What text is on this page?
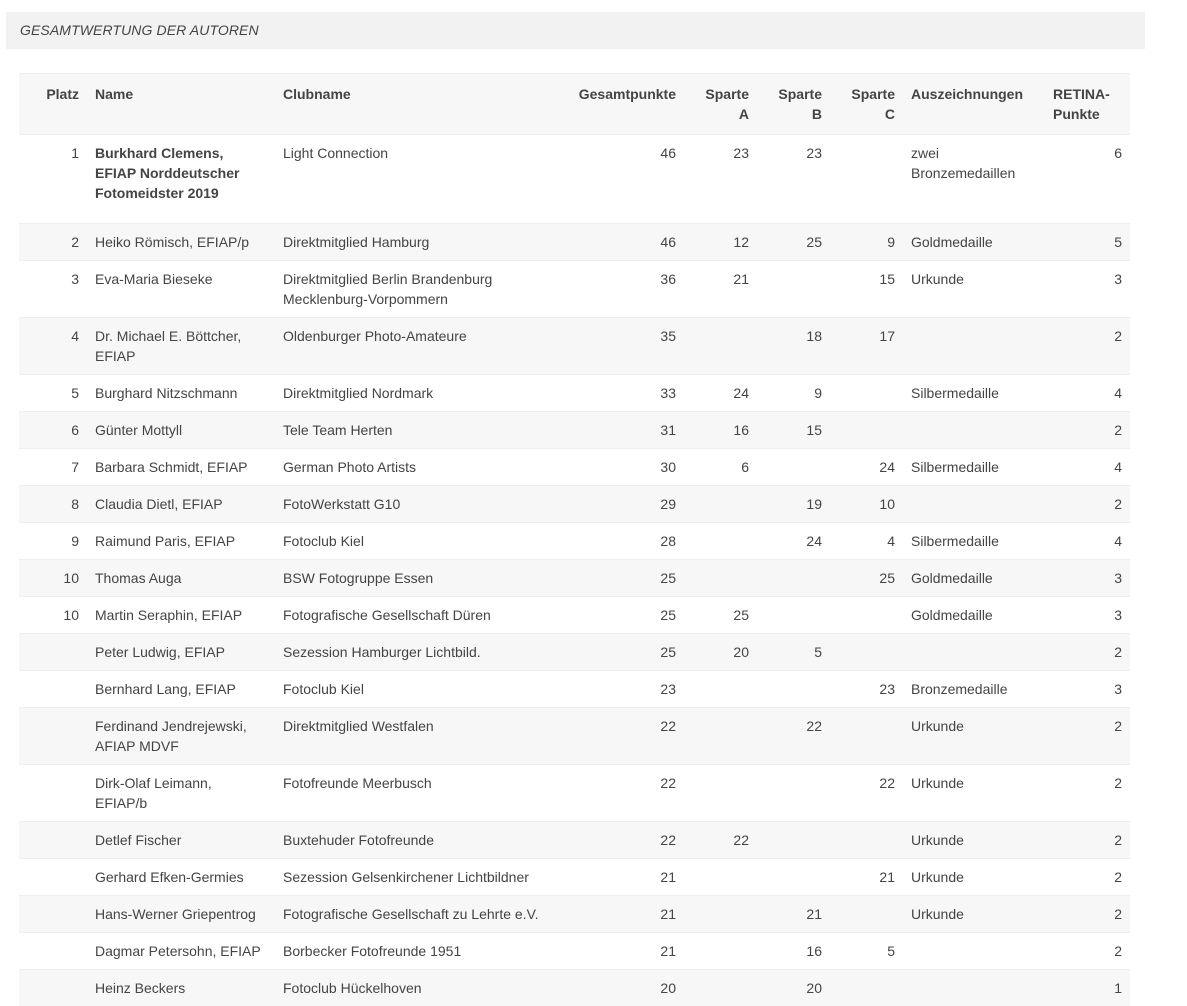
GESAMTWERTUNG DER AUTOREN
Platz	Name	Clubname	Gesamtpunkte	Sparte A	Sparte B	Sparte C	Auszeichnungen	RETINA-Punkte
1	Burkhard Clemens, EFIAP Norddeutscher Fotomeidster 2019	Light Connection	46	23	23		zwei Bronzemedaillen	6
2	Heiko Römisch, EFIAP/p	Direktmitglied Hamburg	46	12	25	9	Goldmedaille	5
3	Eva-Maria Bieseke	Direktmitglied Berlin Brandenburg Mecklenburg-Vorpommern	36	21		15	Urkunde	3
4	Dr. Michael E. Böttcher, EFIAP	Oldenburger Photo-Amateure	35		18	17		2
5	Burghard Nitzschmann	Direktmitglied Nordmark	33	24	9		Silbermedaille	4
6	Günter Mottyll	Tele Team Herten	31	16	15			2
7	Barbara Schmidt, EFIAP	German Photo Artists	30	6		24	Silbermedaille	4
8	Claudia Dietl, EFIAP	FotoWerkstatt G10	29		19	10		2
9	Raimund Paris, EFIAP	Fotoclub Kiel	28		24	4	Silbermedaille	4
10	Thomas Auga	BSW Fotogruppe Essen	25			25	Goldmedaille	3
10	Martin Seraphin, EFIAP	Fotografische Gesellschaft Düren	25	25			Goldmedaille	3
	Peter Ludwig, EFIAP	Sezession Hamburger Lichtbild.	25	20	5			2
	Bernhard Lang, EFIAP	Fotoclub Kiel	23			23	Bronzemedaille	3
	Ferdinand Jendrejewski, AFIAP MDVF	Direktmitglied Westfalen	22		22		Urkunde	2
	Dirk-Olaf Leimann, EFIAP/b	Fotofreunde Meerbusch	22			22	Urkunde	2
	Detlef Fischer	Buxtehuder Fotofreunde	22	22			Urkunde	2
	Gerhard Efken-Germies	Sezession Gelsenkirchener Lichtbildner	21			21	Urkunde	2
	Hans-Werner Griepentrog	Fotografische Gesellschaft zu Lehrte e.V.	21		21		Urkunde	2
	Dagmar Petersohn, EFIAP	Borbecker Fotofreunde 1951	21		16	5		2
	Heinz Beckers	Fotoclub Hückelhoven	20		20			1
